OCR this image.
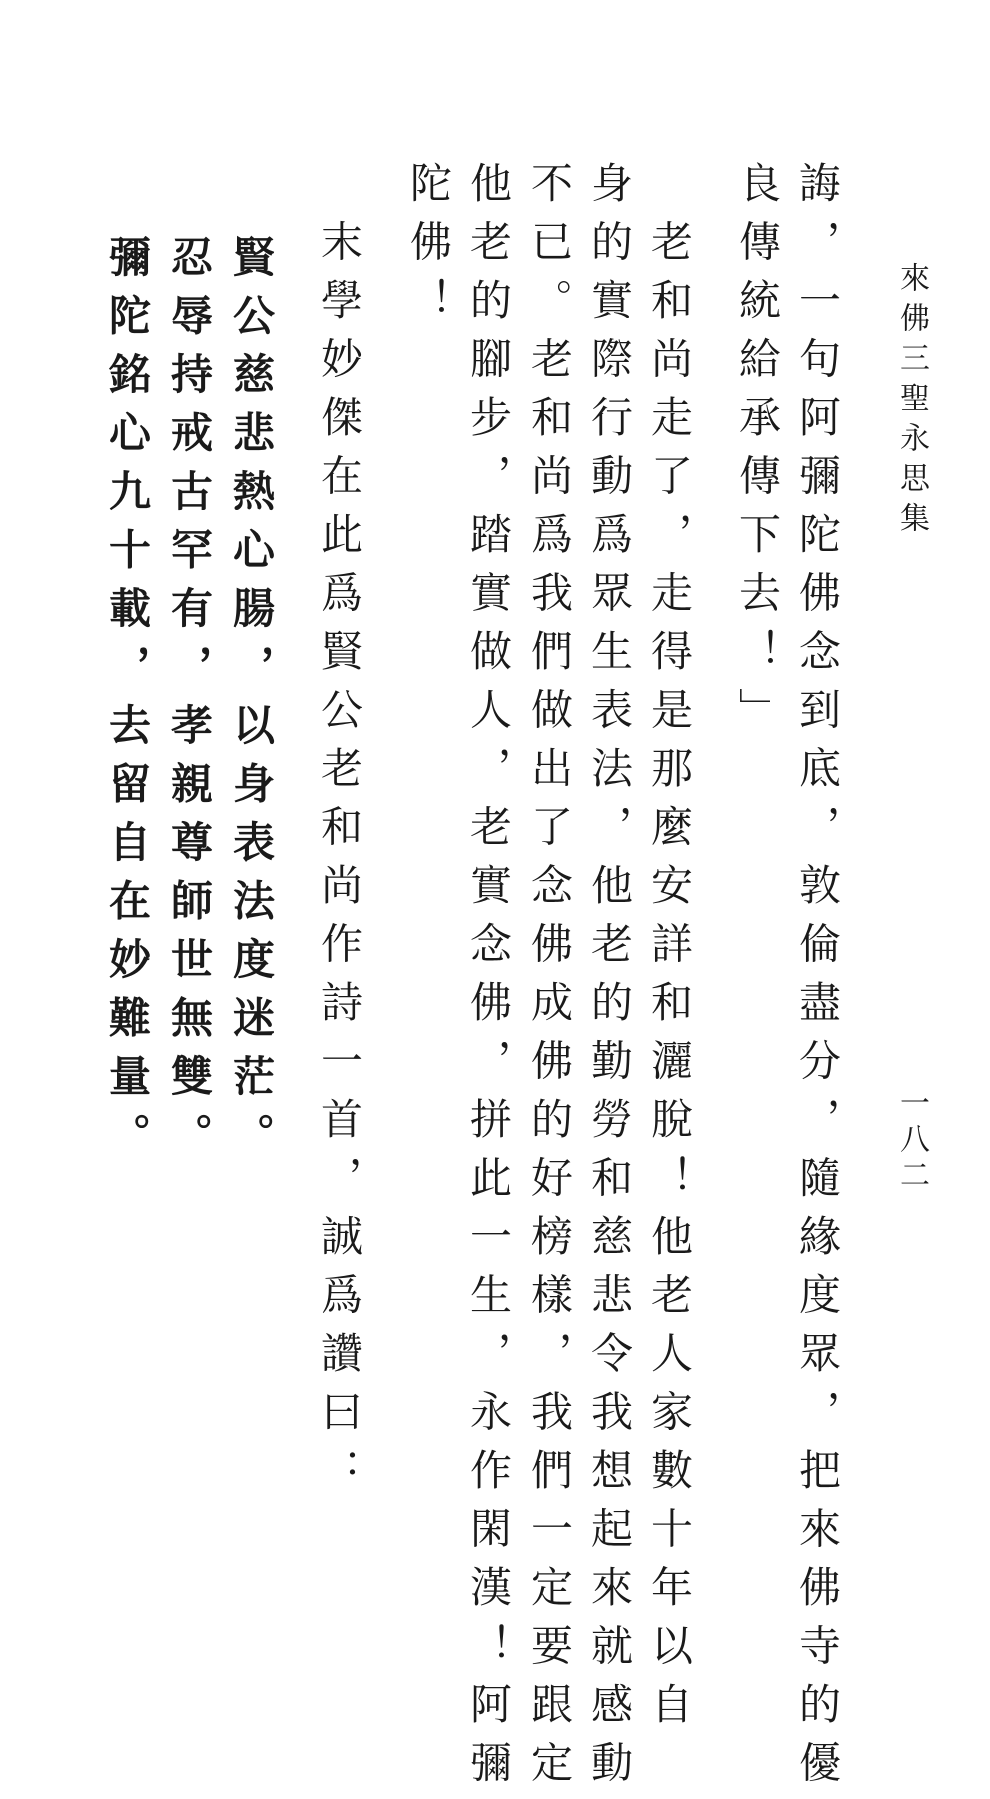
來佛三聖永思集
一八二
誨，一句阿彌陀佛念到底，敦倫盡分，隨緣度眾，把來佛寺的優
良傳統給承傳下去！」
　老和尚走了，走得是那麼安詳和灑脫！他老人家數十年以自
身的實際行動爲眾生表法，他老的勤勞和慈悲令我想起來就感動
不已。老和尚爲我們做出了念佛成佛的好榜樣，我們一定要跟定
他老的腳步，踏實做人，老實念佛，拼此一生，永作閑漢！阿彌
陀佛！
　末學妙傑在此爲賢公老和尚作詩一首，誠爲讚曰：
賢公慈悲熱心腸，以身表法度迷茫。
忍辱持戒古罕有，孝親尊師世無雙。
彌陀銘心九十載，去留自在妙難量。
